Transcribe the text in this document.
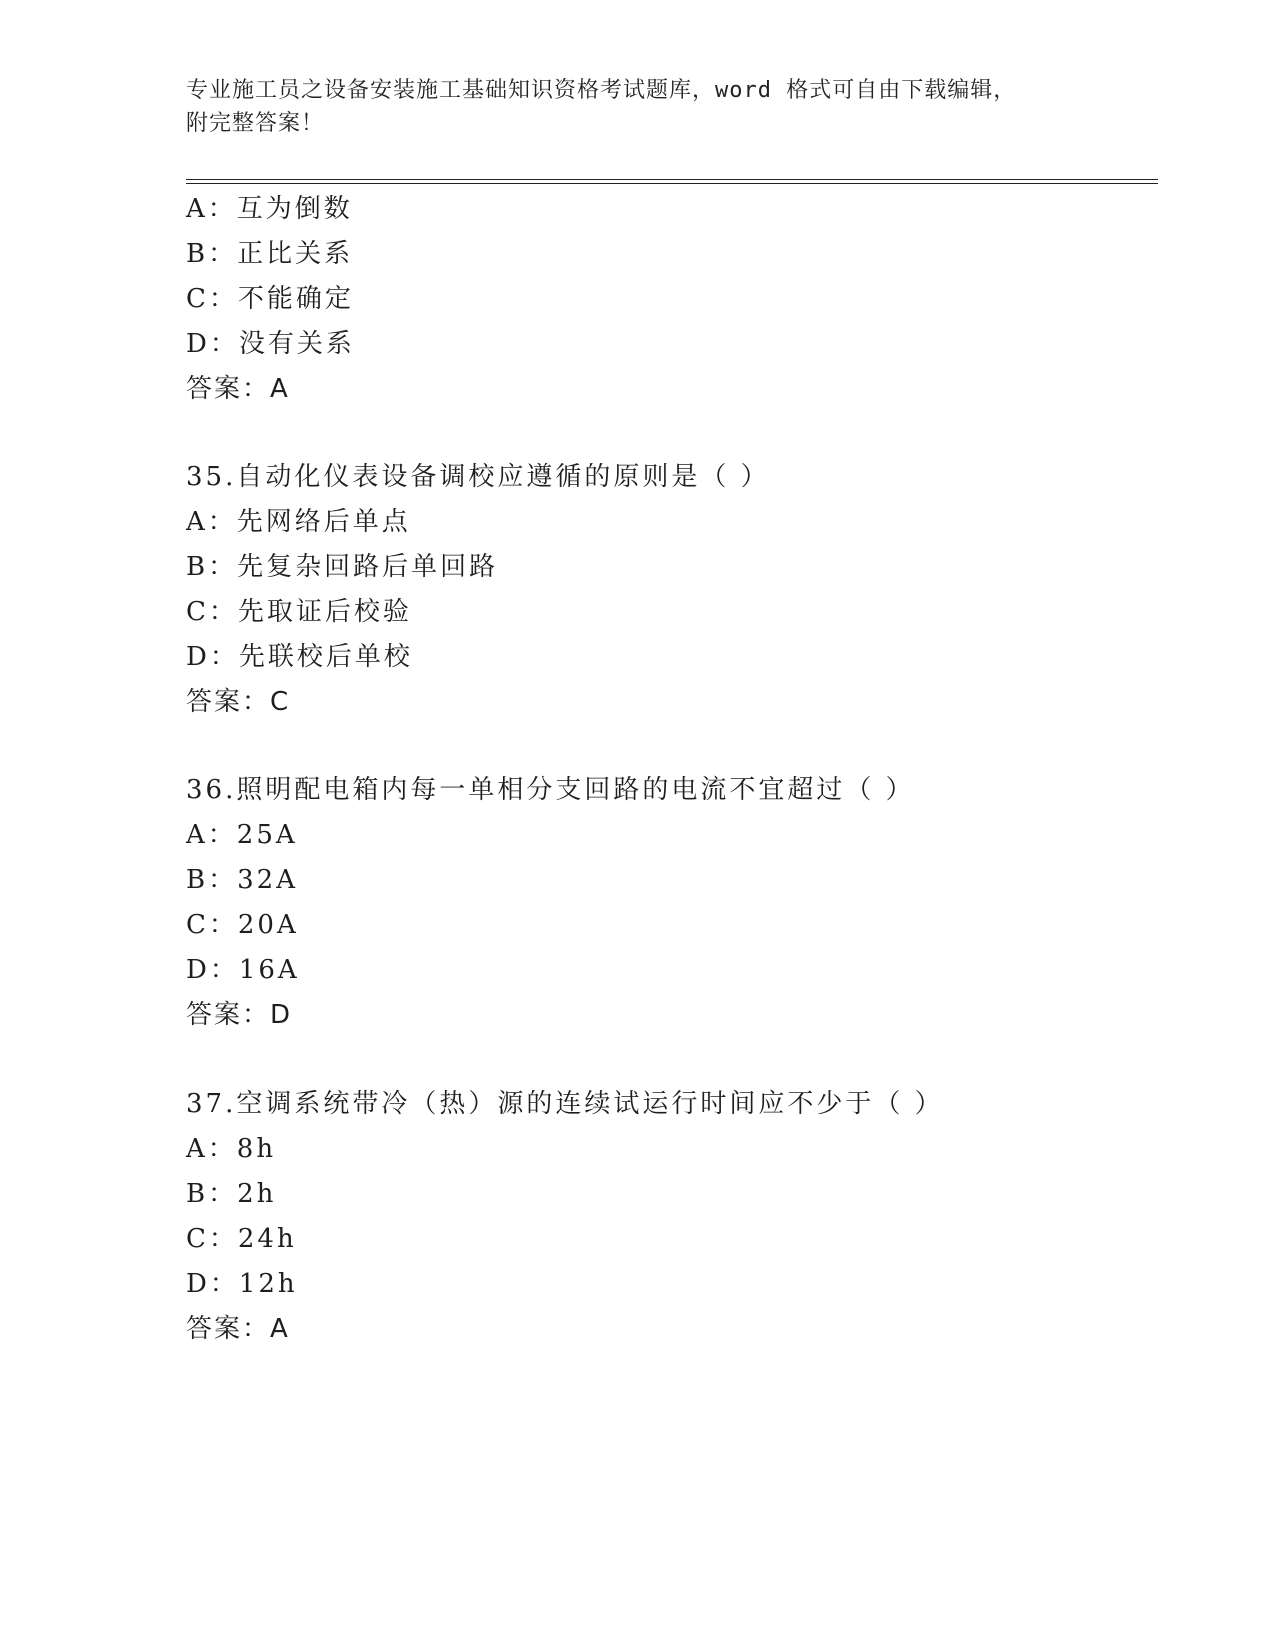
专业施工员之设备安装施工基础知识资格考试题库，word 格式可自由下载编辑，
附完整答案！
A：互为倒数
B：正比关系
C：不能确定
D：没有关系
答案：A
35.自动化仪表设备调校应遵循的原则是（ ）
A：先网络后单点
B：先复杂回路后单回路
C：先取证后校验
D：先联校后单校
答案：C
36.照明配电箱内每一单相分支回路的电流不宜超过（ ）
A：25A
B：32A
C：20A
D：16A
答案：D
37.空调系统带冷（热）源的连续试运行时间应不少于（ ）
A：8h
B：2h
C：24h
D：12h
答案：A
